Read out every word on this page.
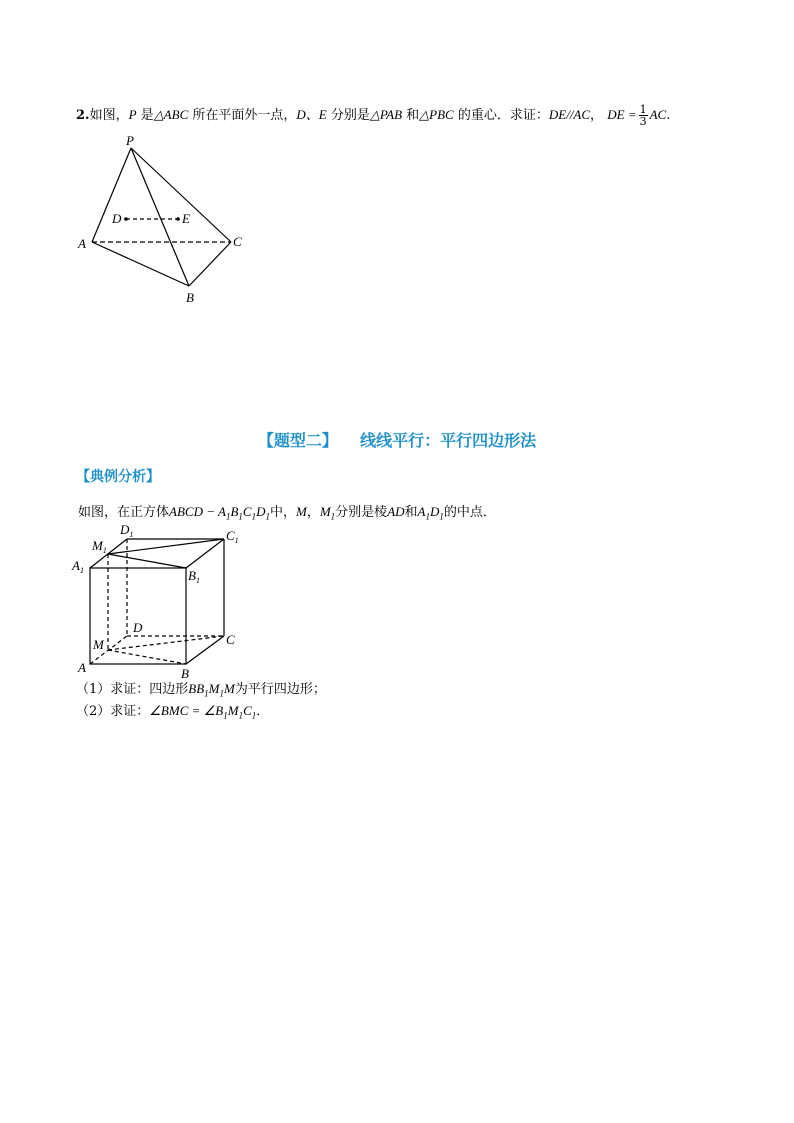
2.如图，P 是△ABC 所在平面外一点，D、E 分别是△PAB 和△PBC 的重心．求证：DE//AC， DE = $\frac{1}{3}$ AC.
P
A
B
C
D	E
【题型二】    线线平行：平行四边形法
【典例分析】
如图，在正方体ABCD − $A_1B_1C_1D_1$中，M，$M_1$分别是棱AD和$A_1D_1$的中点．
$D_1$	$C_1$
$M_1$
$A_1$	$B_1$
D
C
M
A	B
（1）求证：四边形$BB_1M_1M$为平行四边形；
（2）求证：∠BMC = $\angle B_1M_1C_1$．
